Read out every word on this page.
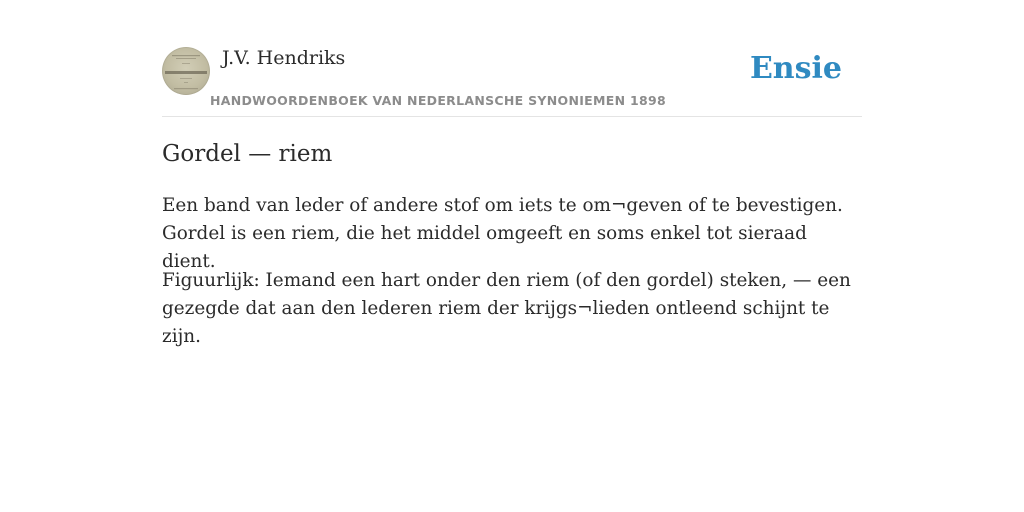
J.V. Hendriks
HANDWOORDENBOEK VAN NEDERLANSCHE SYNONIEMEN 1898
Ensie
Gordel — riem

Een band van leder of andere stof om iets te om¬geven of te bevestigen. Gordel is een riem, die het middel omgeeft en soms enkel tot sieraad dient.

Figuurlijk: Iemand een hart onder den riem (of den gordel) steken, — een gezegde dat aan den lederen riem der krijgs¬lieden ontleend schijnt te zijn.
